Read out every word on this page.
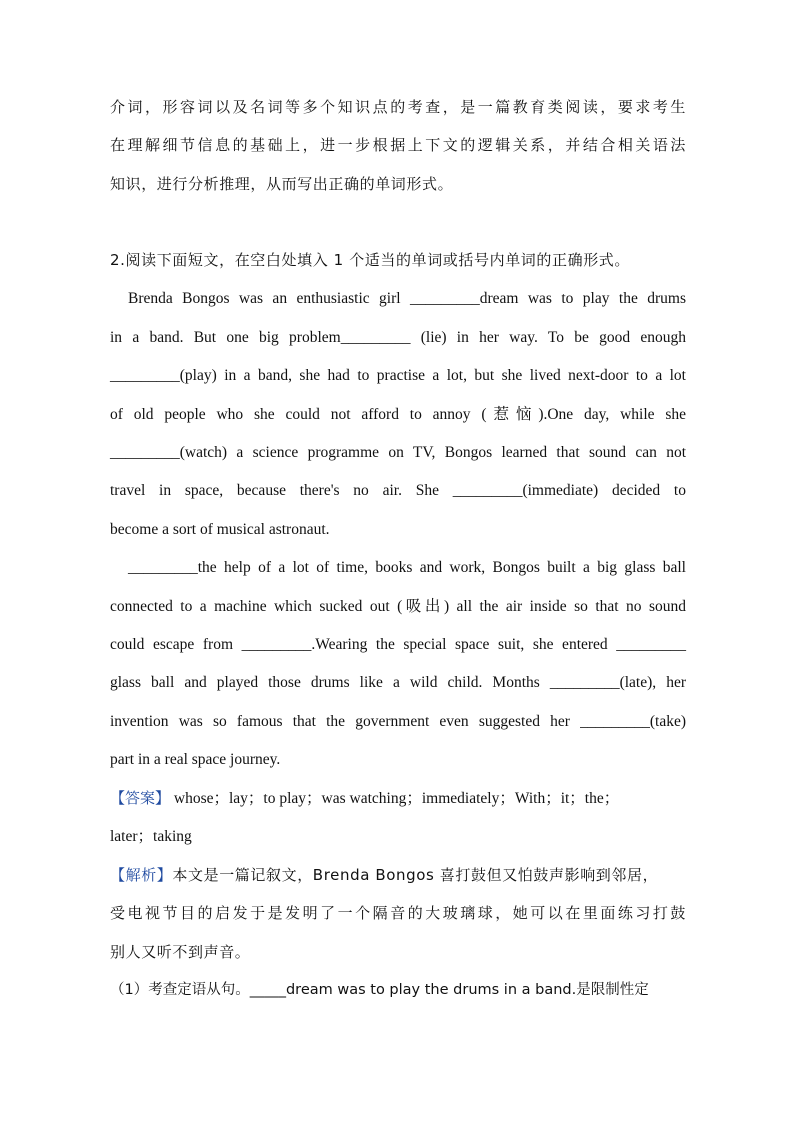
介词，形容词以及名词等多个知识点的考查，是一篇教育类阅读，要求考生
在理解细节信息的基础上，进一步根据上下文的逻辑关系，并结合相关语法
知识，进行分析推理，从而写出正确的单词形式。
2.阅读下面短文，在空白处填入 1 个适当的单词或括号内单词的正确形式。
Brenda Bongos was an enthusiastic girl _________dream was to play the drums
in a band. But one big problem_________ (lie) in her way. To be good enough
_________(play) in a band, she had to practise a lot, but she lived next-door to a lot
of old people who she could not afford to annoy (惹恼).One day, while she
_________(watch) a science programme on TV, Bongos learned that sound can not
travel in space, because there's no air. She _________(immediate) decided to
become a sort of musical astronaut.
_________the help of a lot of time, books and work, Bongos built a big glass ball
connected to a machine which sucked out (吸出) all the air inside so that no sound
could escape from _________.Wearing the special space suit, she entered _________
glass ball and played those drums like a wild child. Months _________(late), her
invention was so famous that the government even suggested her _________(take)
part in a real space journey.
【答案】 whose；lay；to play；was watching；immediately；With；it；the；
later；taking
【解析】本文是一篇记叙文，Brenda Bongos 喜打鼓但又怕鼓声影响到邻居，
受电视节目的启发于是发明了一个隔音的大玻璃球，她可以在里面练习打鼓
别人又听不到声音。
（1）考查定语从句。_____dream was to play the drums in a band.是限制性定
